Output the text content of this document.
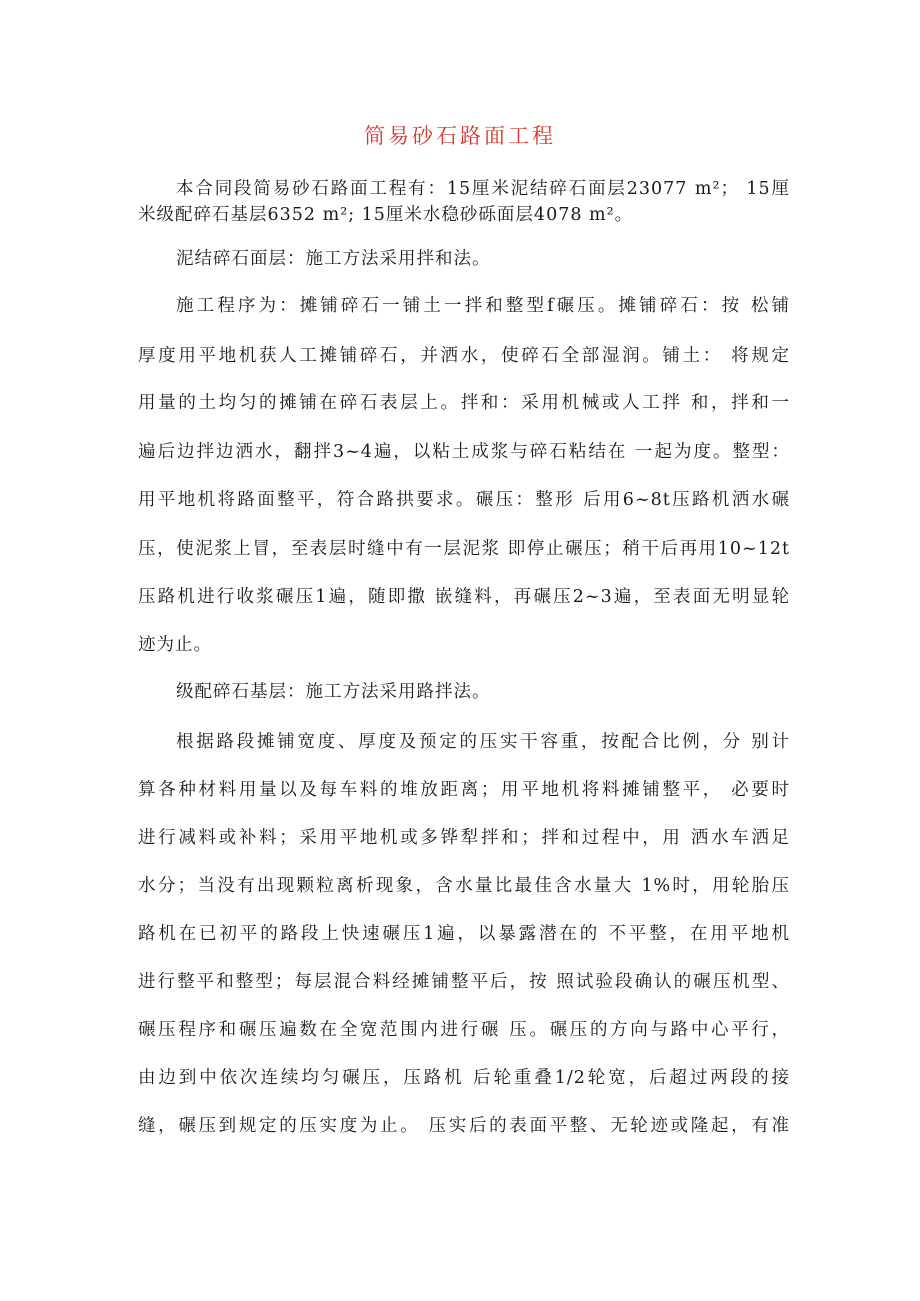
简易砂石路面工程
本合同段简易砂石路面工程有：15厘米泥结碎石面层23077 m²； 15厘
米级配碎石基层6352 m²; 15厘米水稳砂砾面层4078 m²。
泥结碎石面层：施工方法采用拌和法。
施工程序为：摊铺碎石一铺土一拌和整型f碾压。摊铺碎石：按 松铺
厚度用平地机获人工摊铺碎石，并洒水，使碎石全部湿润。铺土： 将规定
用量的土均匀的摊铺在碎石表层上。拌和：采用机械或人工拌 和，拌和一
遍后边拌边洒水，翻拌3~4遍，以粘土成浆与碎石粘结在 一起为度。整型：
用平地机将路面整平，符合路拱要求。碾压：整形 后用6~8t压路机洒水碾
压，使泥浆上冒，至表层时缝中有一层泥浆 即停止碾压；稍干后再用10~12t
压路机进行收浆碾压1遍，随即撒 嵌缝料，再碾压2~3遍，至表面无明显轮
迹为止。
级配碎石基层：施工方法采用路拌法。
根据路段摊铺宽度、厚度及预定的压实干容重，按配合比例，分 别计
算各种材料用量以及每车料的堆放距离；用平地机将料摊铺整平， 必要时
进行减料或补料；采用平地机或多铧犁拌和；拌和过程中，用 洒水车洒足
水分；当没有出现颗粒离析现象，含水量比最佳含水量大 1%时，用轮胎压
路机在已初平的路段上快速碾压1遍，以暴露潜在的 不平整，在用平地机
进行整平和整型；每层混合料经摊铺整平后，按 照试验段确认的碾压机型、
碾压程序和碾压遍数在全宽范围内进行碾 压。碾压的方向与路中心平行，
由边到中依次连续均匀碾压，压路机 后轮重叠1/2轮宽，后超过两段的接
缝，碾压到规定的压实度为止。 压实后的表面平整、无轮迹或隆起，有准
